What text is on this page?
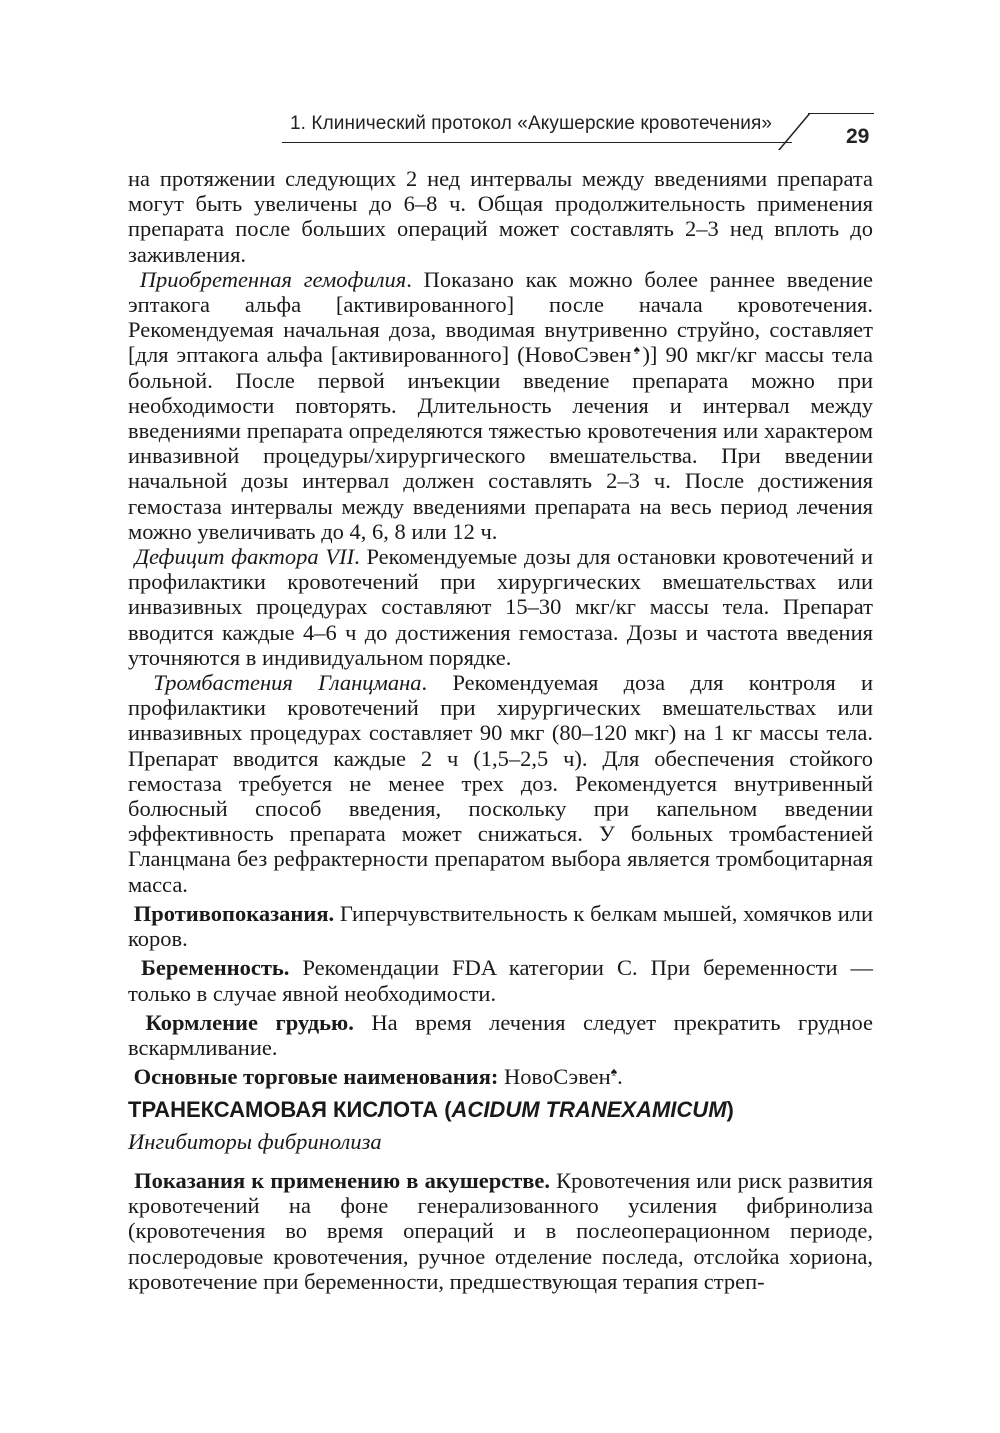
1. Клинический протокол «Акушерские кровотечения»
29

на протяжении следующих 2 нед интервалы между введениями препарата могут быть увеличены до 6–8 ч. Общая продолжительность применения препарата после больших операций может составлять 2–3 нед вплоть до заживления.

Приобретенная гемофилия. Показано как можно более раннее введение эптакога альфа [активированного] после начала кровотечения. Рекомендуемая начальная доза, вводимая внутривенно струйно, составляет [для эптакога альфа [активированного] (НовоСэвен♠)] 90 мкг/кг массы тела больной. После первой инъекции введение препарата можно при необходимости повторять. Длительность лечения и интервал между введениями препарата определяются тяжестью кровотечения или характером инвазивной процедуры/хирургического вмешательства. При введении начальной дозы интервал должен составлять 2–3 ч. После достижения гемостаза интервалы между введениями препарата на весь период лечения можно увеличивать до 4, 6, 8 или 12 ч.

Дефицит фактора VII. Рекомендуемые дозы для остановки кровотечений и профилактики кровотечений при хирургических вмешательствах или инвазивных процедурах составляют 15–30 мкг/кг массы тела. Препарат вводится каждые 4–6 ч до достижения гемостаза. Дозы и частота введения уточняются в индивидуальном порядке.

Тромбастения Гланцмана. Рекомендуемая доза для контроля и профилактики кровотечений при хирургических вмешательствах или инвазивных процедурах составляет 90 мкг (80–120 мкг) на 1 кг массы тела. Препарат вводится каждые 2 ч (1,5–2,5 ч). Для обеспечения стойкого гемостаза требуется не менее трех доз. Рекомендуется внутривенный болюсный способ введения, поскольку при капельном введении эффективность препарата может снижаться. У больных тромбастенией Гланцмана без рефрактерности препаратом выбора является тромбоцитарная масса.

Противопоказания. Гиперчувствительность к белкам мышей, хомячков или коров.

Беременность. Рекомендации FDA категории C. При беременности — только в случае явной необходимости.

Кормление грудью. На время лечения следует прекратить грудное вскармливание.

Основные торговые наименования: НовоСэвен♠.

ТРАНЕКСАМОВАЯ КИСЛОТА (ACIDUM TRANEXAMICUM)
Ингибиторы фибринолиза

Показания к применению в акушерстве. Кровотечения или риск развития кровотечений на фоне генерализованного усиления фибринолиза (кровотечения во время операций и в послеоперационном периоде, послеродовые кровотечения, ручное отделение последа, отслойка хориона, кровотечение при беременности, предшествующая терапия стреп-
